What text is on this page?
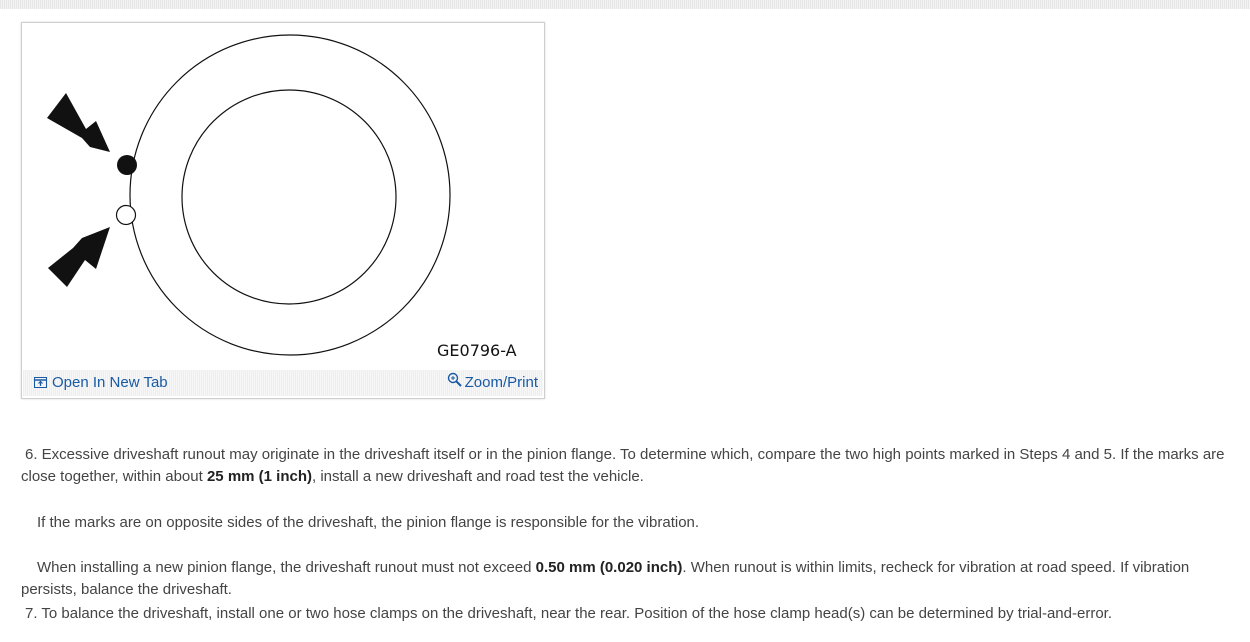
GE0796-A
Open In New Tab	Zoom/Print
6. Excessive driveshaft runout may originate in the driveshaft itself or in the pinion flange. To determine which, compare the two high points marked in Steps 4 and 5. If the marks are close together, within about 25 mm (1 inch), install a new driveshaft and road test the vehicle.
If the marks are on opposite sides of the driveshaft, the pinion flange is responsible for the vibration.
When installing a new pinion flange, the driveshaft runout must not exceed 0.50 mm (0.020 inch). When runout is within limits, recheck for vibration at road speed. If vibration persists, balance the driveshaft.
7. To balance the driveshaft, install one or two hose clamps on the driveshaft, near the rear. Position of the hose clamp head(s) can be determined by trial-and-error.
